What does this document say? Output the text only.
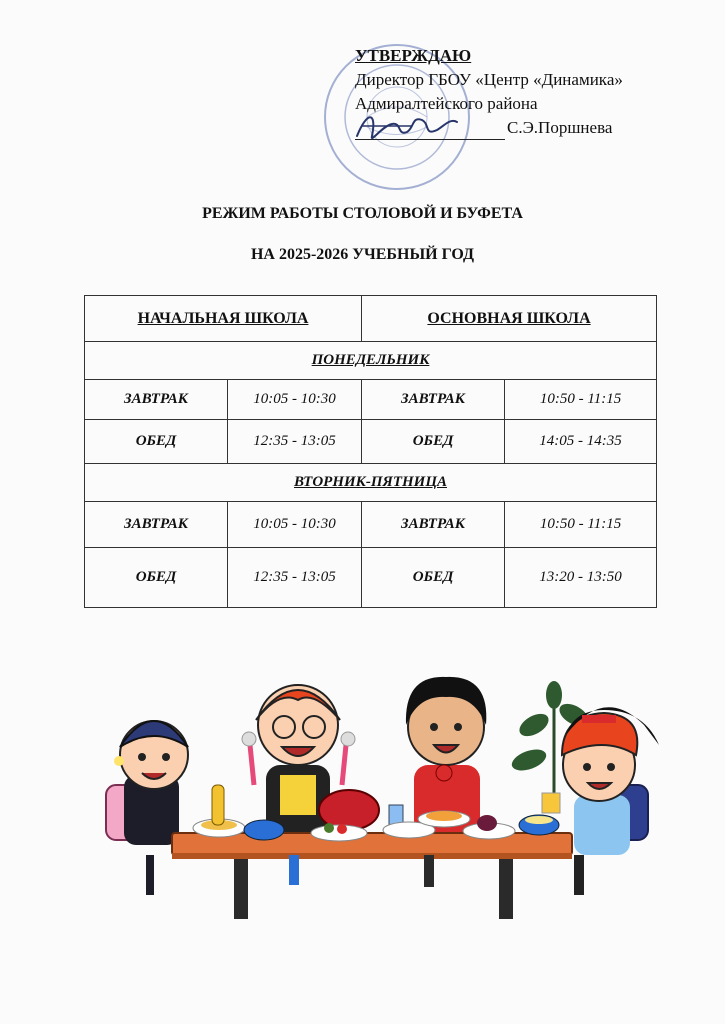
УТВЕРЖДАЮ
Директор ГБОУ «Центр «Динамика»
Адмиралтейского района
С.Э.Поршнева
РЕЖИМ РАБОТЫ СТОЛОВОЙ И БУФЕТА
НА 2025-2026 УЧЕБНЫЙ ГОД
НАЧАЛЬНАЯ ШКОЛА		ОСНОВНАЯ ШКОЛА	
ПОНЕДЕЛЬНИК			
ЗАВТРАК	10:05 - 10:30	ЗАВТРАК	10:50 - 11:15
ОБЕД	12:35 - 13:05	ОБЕД	14:05 - 14:35
ВТОРНИК-ПЯТНИЦА			
ЗАВТРАК	10:05 - 10:30	ЗАВТРАК	10:50 - 11:15
ОБЕД	12:35 - 13:05	ОБЕД	13:20 - 13:50
